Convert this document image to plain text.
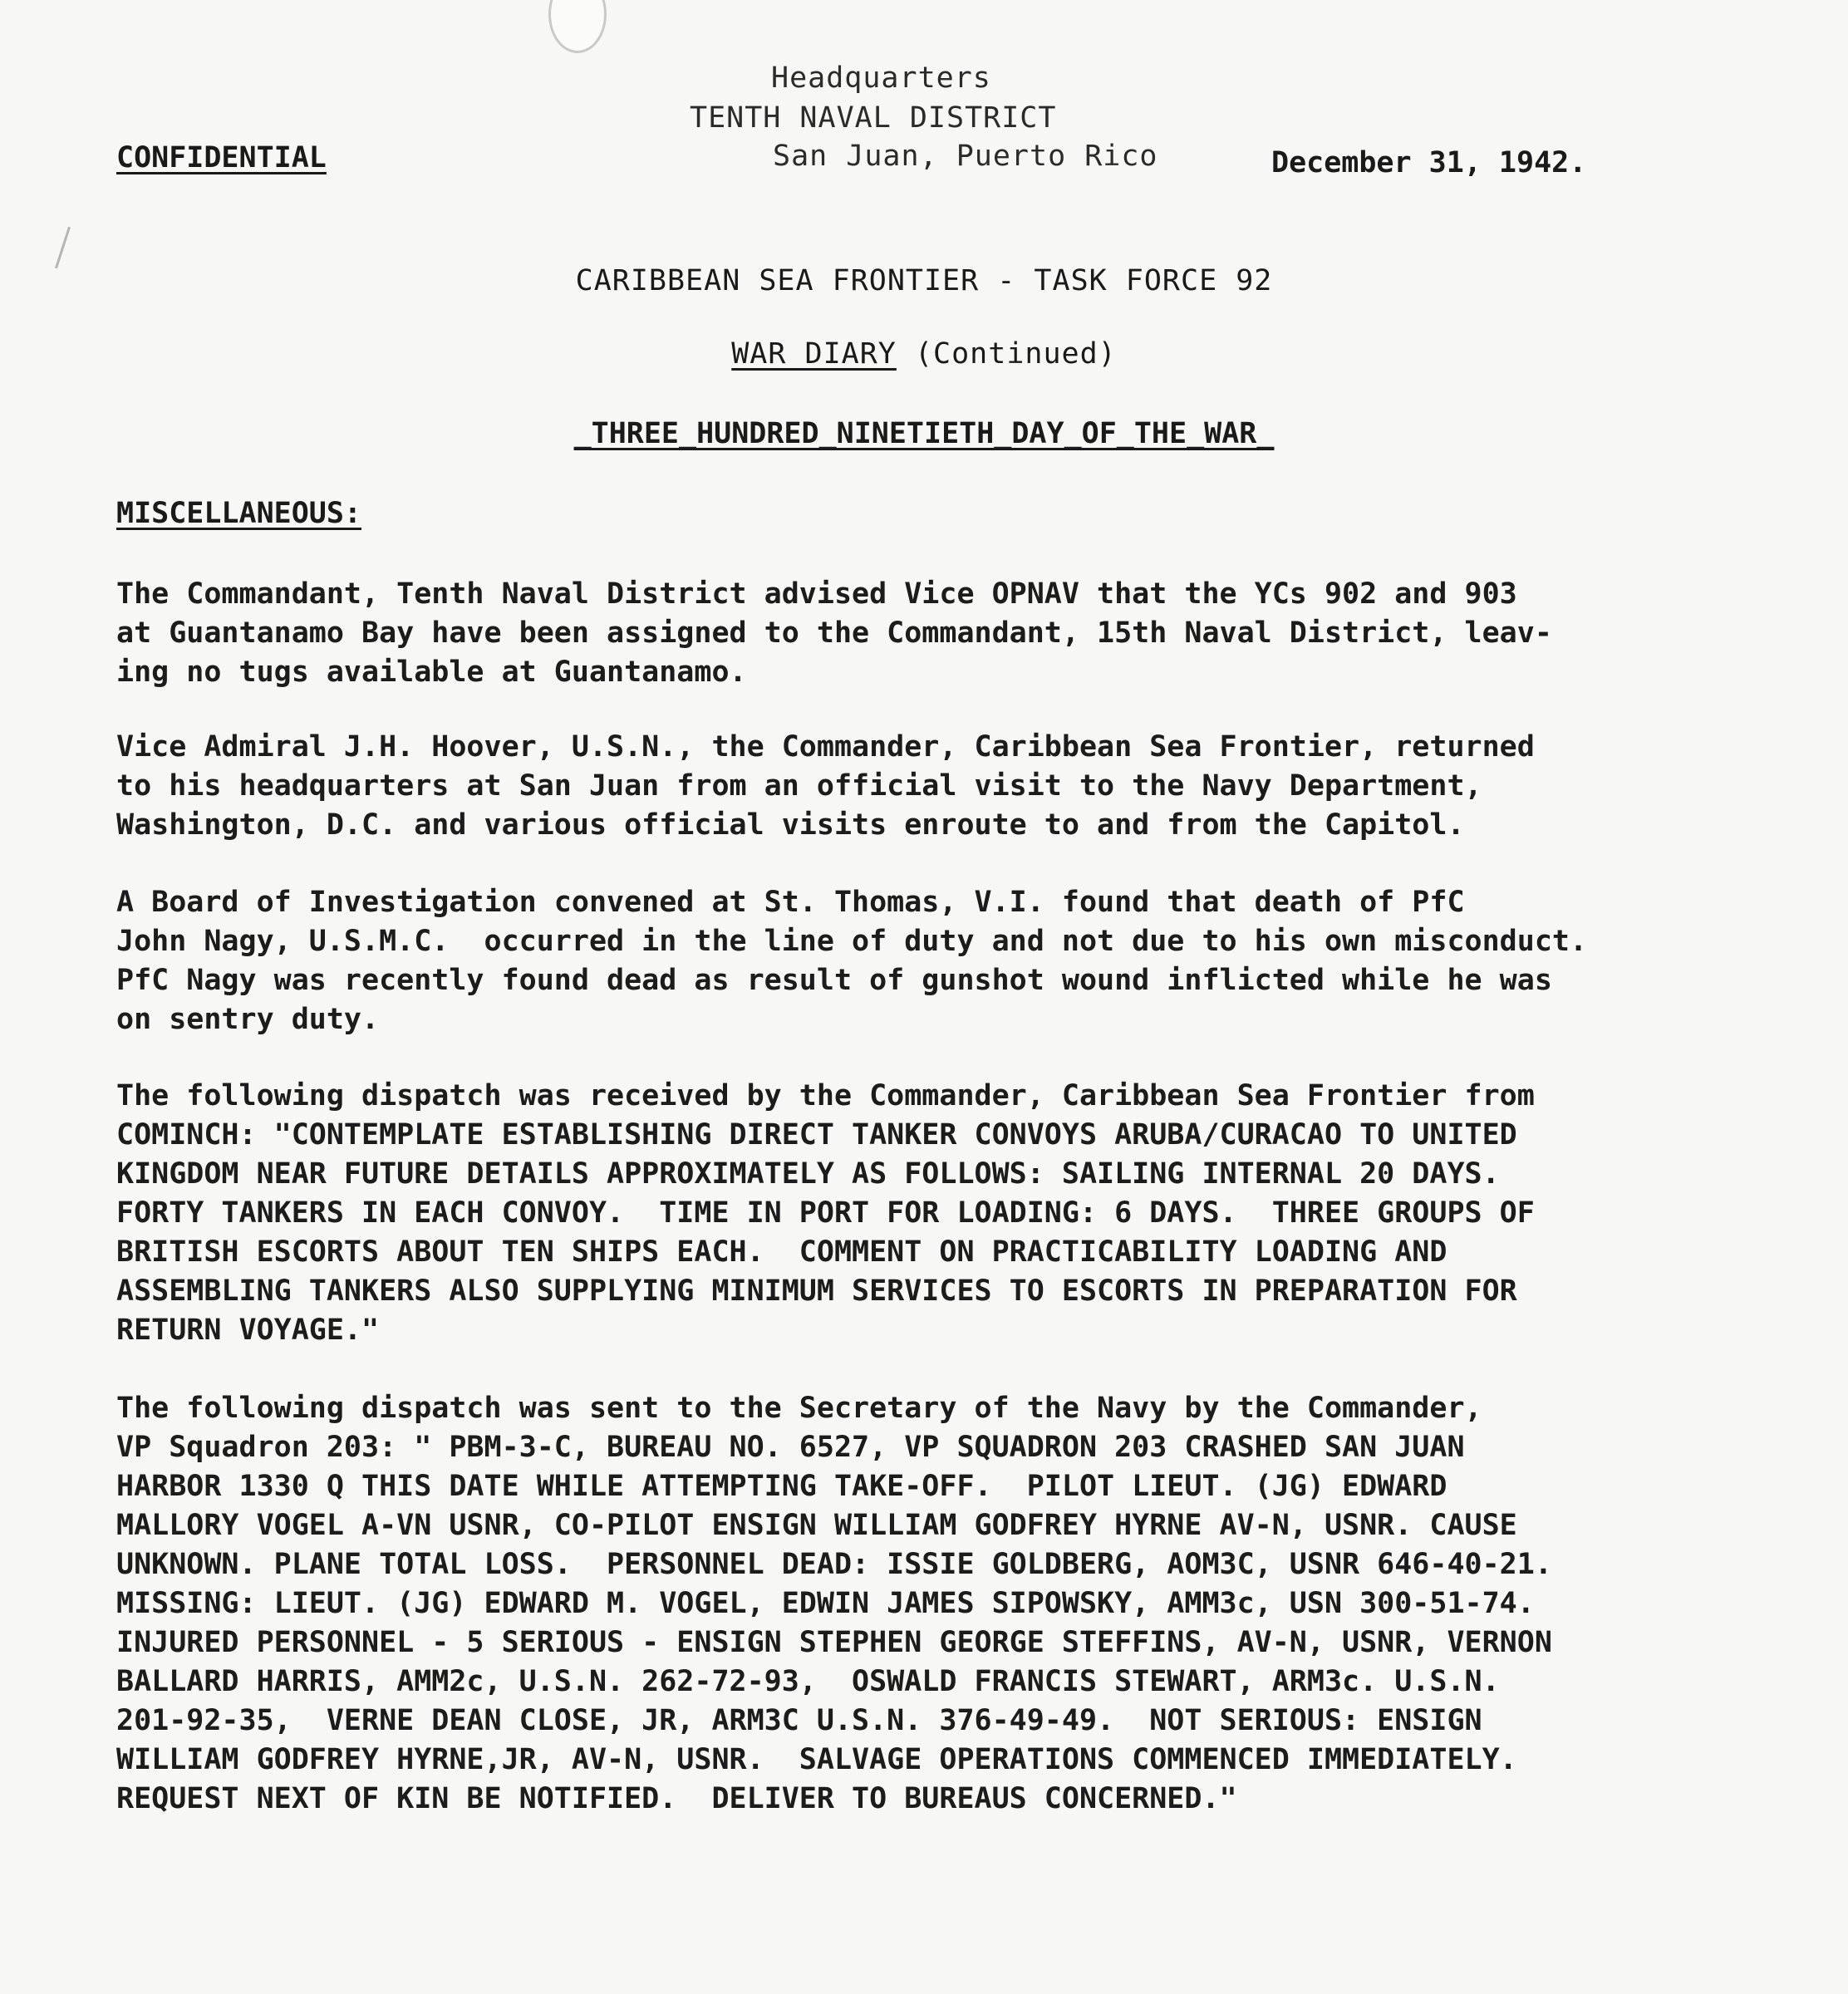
Headquarters
TENTH NAVAL DISTRICT
San Juan, Puerto Rico
CONFIDENTIAL	December 31, 1942.
CARIBBEAN SEA FRONTIER - TASK FORCE 92
WAR DIARY (Continued)
_THREE_HUNDRED_NINETIETH_DAY_OF_THE_WAR_
MISCELLANEOUS:
The Commandant, Tenth Naval District advised Vice OPNAV that the YCs 902 and 903
at Guantanamo Bay have been assigned to the Commandant, 15th Naval District, leav-
ing no tugs available at Guantanamo.
Vice Admiral J.H. Hoover, U.S.N., the Commander, Caribbean Sea Frontier, returned
to his headquarters at San Juan from an official visit to the Navy Department,
Washington, D.C. and various official visits enroute to and from the Capitol.
A Board of Investigation convened at St. Thomas, V.I. found that death of PfC
John Nagy, U.S.M.C.  occurred in the line of duty and not due to his own misconduct.
PfC Nagy was recently found dead as result of gunshot wound inflicted while he was
on sentry duty.
The following dispatch was received by the Commander, Caribbean Sea Frontier from
COMINCH: "CONTEMPLATE ESTABLISHING DIRECT TANKER CONVOYS ARUBA/CURACAO TO UNITED
KINGDOM NEAR FUTURE DETAILS APPROXIMATELY AS FOLLOWS: SAILING INTERNAL 20 DAYS.
FORTY TANKERS IN EACH CONVOY.  TIME IN PORT FOR LOADING: 6 DAYS.  THREE GROUPS OF
BRITISH ESCORTS ABOUT TEN SHIPS EACH.  COMMENT ON PRACTICABILITY LOADING AND
ASSEMBLING TANKERS ALSO SUPPLYING MINIMUM SERVICES TO ESCORTS IN PREPARATION FOR
RETURN VOYAGE."
The following dispatch was sent to the Secretary of the Navy by the Commander,
VP Squadron 203: " PBM-3-C, BUREAU NO. 6527, VP SQUADRON 203 CRASHED SAN JUAN
HARBOR 1330 Q THIS DATE WHILE ATTEMPTING TAKE-OFF.  PILOT LIEUT. (JG) EDWARD
MALLORY VOGEL A-VN USNR, CO-PILOT ENSIGN WILLIAM GODFREY HYRNE AV-N, USNR. CAUSE
UNKNOWN. PLANE TOTAL LOSS.  PERSONNEL DEAD: ISSIE GOLDBERG, AOM3C, USNR 646-40-21.
MISSING: LIEUT. (JG) EDWARD M. VOGEL, EDWIN JAMES SIPOWSKY, AMM3c, USN 300-51-74.
INJURED PERSONNEL - 5 SERIOUS - ENSIGN STEPHEN GEORGE STEFFINS, AV-N, USNR, VERNON
BALLARD HARRIS, AMM2c, U.S.N. 262-72-93,  OSWALD FRANCIS STEWART, ARM3c. U.S.N.
201-92-35,  VERNE DEAN CLOSE, JR, ARM3C U.S.N. 376-49-49.  NOT SERIOUS: ENSIGN
WILLIAM GODFREY HYRNE,JR, AV-N, USNR.  SALVAGE OPERATIONS COMMENCED IMMEDIATELY.
REQUEST NEXT OF KIN BE NOTIFIED.  DELIVER TO BUREAUS CONCERNED."
